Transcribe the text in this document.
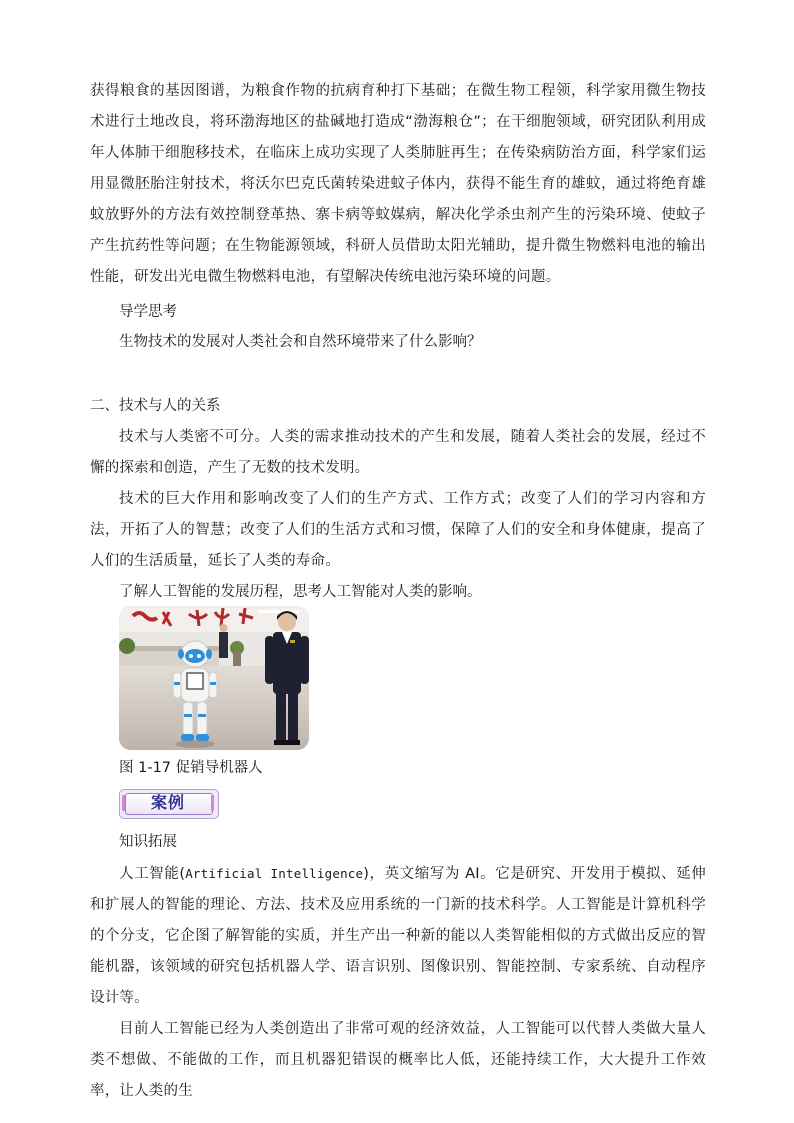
获得粮食的基因图谱，为粮食作物的抗病育种打下基础；在微生物工程领，科学家用微生物技术进行土地改良，将环渤海地区的盐碱地打造成“渤海粮仓”；在干细胞领域，研究团队利用成年人体肺干细胞移技术，在临床上成功实现了人类肺脏再生；在传染病防治方面，科学家们运用显微胚胎注射技术，将沃尔巴克氏菌转染进蚊子体内，获得不能生育的雄蚊，通过将绝育雄蚊放野外的方法有效控制登革热、寨卡病等蚊媒病，解决化学杀虫剂产生的污染环境、使蚊子产生抗药性等问题；在生物能源领域，科研人员借助太阳光辅助，提升微生物燃料电池的输出性能，研发出光电微生物燃料电池，有望解决传统电池污染环境的问题。

导学思考
生物技术的发展对人类社会和自然环境带来了什么影响？
二、技术与人的关系

技术与人类密不可分。人类的需求推动技术的产生和发展，随着人类社会的发展，经过不懈的探索和创造，产生了无数的技术发明。

技术的巨大作用和影响改变了人们的生产方式、工作方式；改变了人们的学习内容和方法，开拓了人的智慧；改变了人们的生活方式和习惯，保障了人们的安全和身体健康，提高了人们的生活质量，延长了人类的寿命。

了解人工智能的发展历程，思考人工智能对人类的影响。
图 1-17 促销导机器人
案例
知识拓展

人工智能(Artificial Intelligence)，英文缩写为 AI。它是研究、开发用于模拟、延伸和扩展人的智能的理论、方法、技术及应用系统的一门新的技术科学。人工智能是计算机科学的个分支，它企图了解智能的实质，并生产出一种新的能以人类智能相似的方式做出反应的智能机器，该领域的研究包括机器人学、语言识别、图像识别、智能控制、专家系统、自动程序设计等。

目前人工智能已经为人类创造出了非常可观的经济效益，人工智能可以代替人类做大量人类不想做、不能做的工作，而且机器犯错误的概率比人低，还能持续工作，大大提升工作效率，让人类的生
